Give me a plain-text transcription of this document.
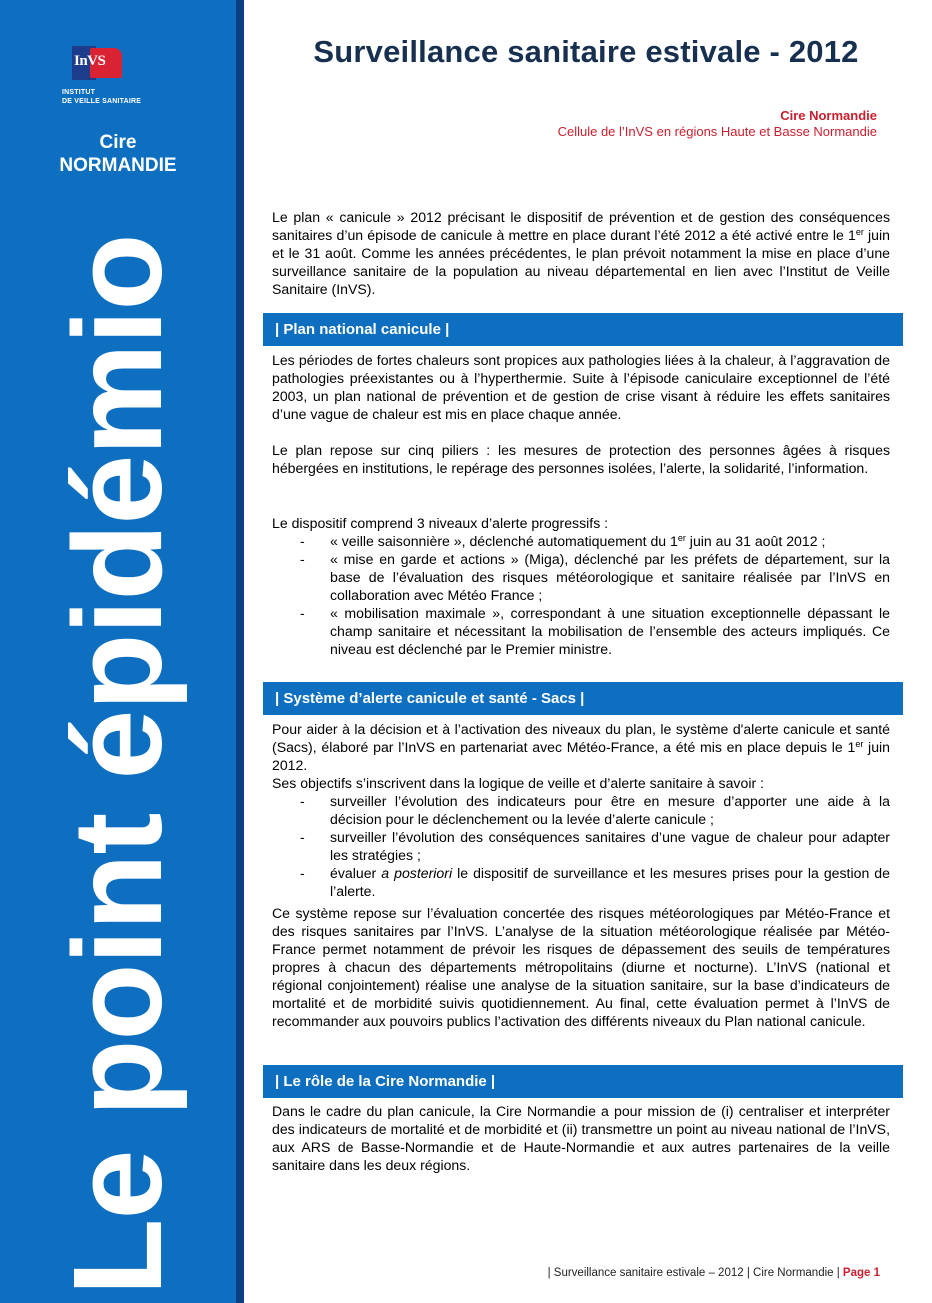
InVS
INSTITUT
DE VEILLE SANITAIRE
Cire
NORMANDIE
Le point épidémio
Surveillance sanitaire estivale - 2012
Cire Normandie
Cellule de l’InVS en régions Haute et Basse Normandie

Le plan « canicule » 2012 précisant le dispositif de prévention et de gestion des conséquences sanitaires d’un épisode de canicule à mettre en place durant l’été 2012 a été activé entre le 1er juin et le 31 août. Comme les années précédentes, le plan prévoit notamment la mise en place d’une surveillance sanitaire de la population au niveau départemental en lien avec l’Institut de Veille Sanitaire (InVS).

| Plan national canicule |

Les périodes de fortes chaleurs sont propices aux pathologies liées à la chaleur, à l’aggravation de pathologies préexistantes ou à l’hyperthermie. Suite à l’épisode caniculaire exceptionnel de l’été 2003, un plan national de prévention et de gestion de crise visant à réduire les effets sanitaires d’une vague de chaleur est mis en place chaque année.

Le plan repose sur cinq piliers : les mesures de protection des personnes âgées à risques hébergées en institutions, le repérage des personnes isolées, l’alerte, la solidarité, l’information.

Le dispositif comprend 3 niveaux d’alerte progressifs :

- « veille saisonnière », déclenché automatiquement du 1er juin au 31 août 2012 ;
- « mise en garde et actions » (Miga), déclenché par les préfets de département, sur la base de l’évaluation des risques météorologique et sanitaire réalisée par l’InVS en collaboration avec Météo France ;
- « mobilisation maximale », correspondant à une situation exceptionnelle dépassant le champ sanitaire et nécessitant la mobilisation de l’ensemble des acteurs impliqués. Ce niveau est déclenché par le Premier ministre.
| Système d’alerte canicule et santé - Sacs |

Pour aider à la décision et à l’activation des niveaux du plan, le système d'alerte canicule et santé (Sacs), élaboré par l’InVS en partenariat avec Météo-France, a été mis en place depuis le 1er juin 2012.

Ses objectifs s’inscrivent dans la logique de veille et d’alerte sanitaire à savoir :

- surveiller l’évolution des indicateurs pour être en mesure d’apporter une aide à la décision pour le déclenchement ou la levée d’alerte canicule ;
- surveiller l’évolution des conséquences sanitaires d’une vague de chaleur pour adapter les stratégies ;
- évaluer a posteriori le dispositif de surveillance et les mesures prises pour la gestion de l’alerte.

Ce système repose sur l’évaluation concertée des risques météorologiques par Météo-France et des risques sanitaires par l’InVS. L’analyse de la situation météorologique réalisée par Météo-France permet notamment de prévoir les risques de dépassement des seuils de températures propres à chacun des départements métropolitains (diurne et nocturne). L’InVS (national et régional conjointement) réalise une analyse de la situation sanitaire, sur la base d’indicateurs de mortalité et de morbidité suivis quotidiennement. Au final, cette évaluation permet à l’InVS de recommander aux pouvoirs publics l’activation des différents niveaux du Plan national canicule.

| Le rôle de la Cire Normandie |

Dans le cadre du plan canicule, la Cire Normandie a pour mission de (i) centraliser et interpréter des indicateurs de mortalité et de morbidité et (ii) transmettre un point au niveau national de l’InVS, aux ARS de Basse-Normandie et de Haute-Normandie et aux autres partenaires de la veille sanitaire dans les deux régions.

| Surveillance sanitaire estivale – 2012 | Cire Normandie | Page 1
